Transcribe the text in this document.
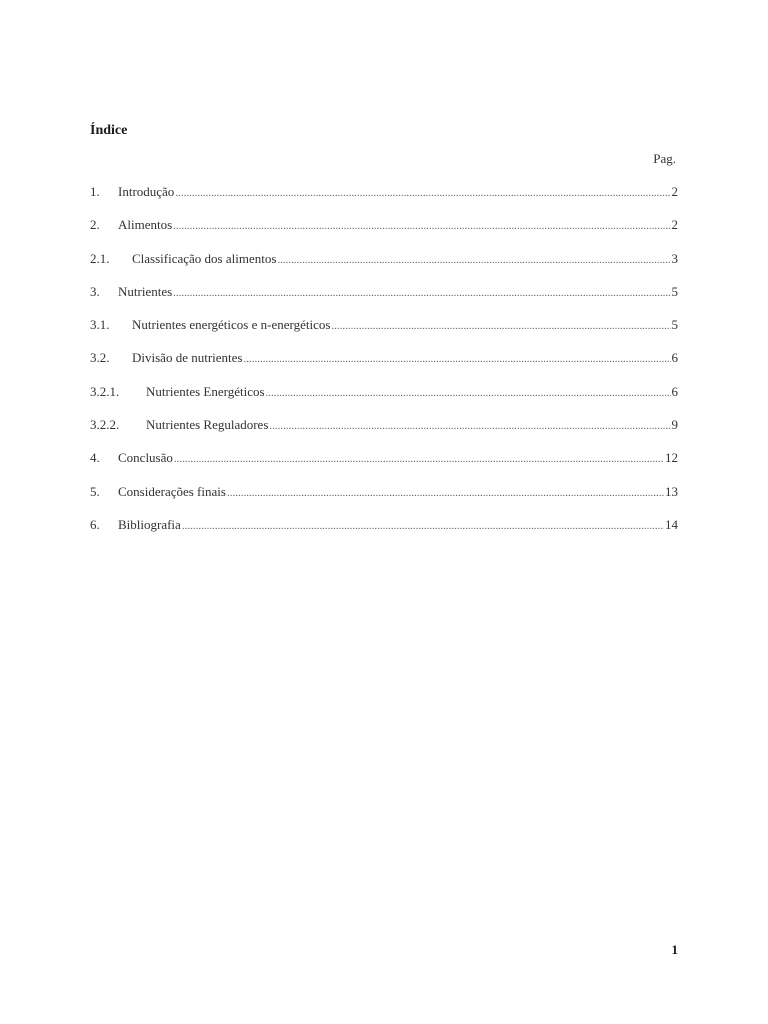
Índice
Pag.
1.	Introdução .....	2
2.	Alimentos .....	2
2.1.	Classificação dos alimentos .....	3
3.	Nutrientes .....	5
3.1.	Nutrientes energéticos e n-energéticos .....	5
3.2.	Divisão de nutrientes .....	6
3.2.1.	Nutrientes Energéticos .....	6
3.2.2.	Nutrientes Reguladores .....	9
4.	Conclusão .....	12
5.	Considerações finais .....	13
6.	Bibliografia .....	14
1
